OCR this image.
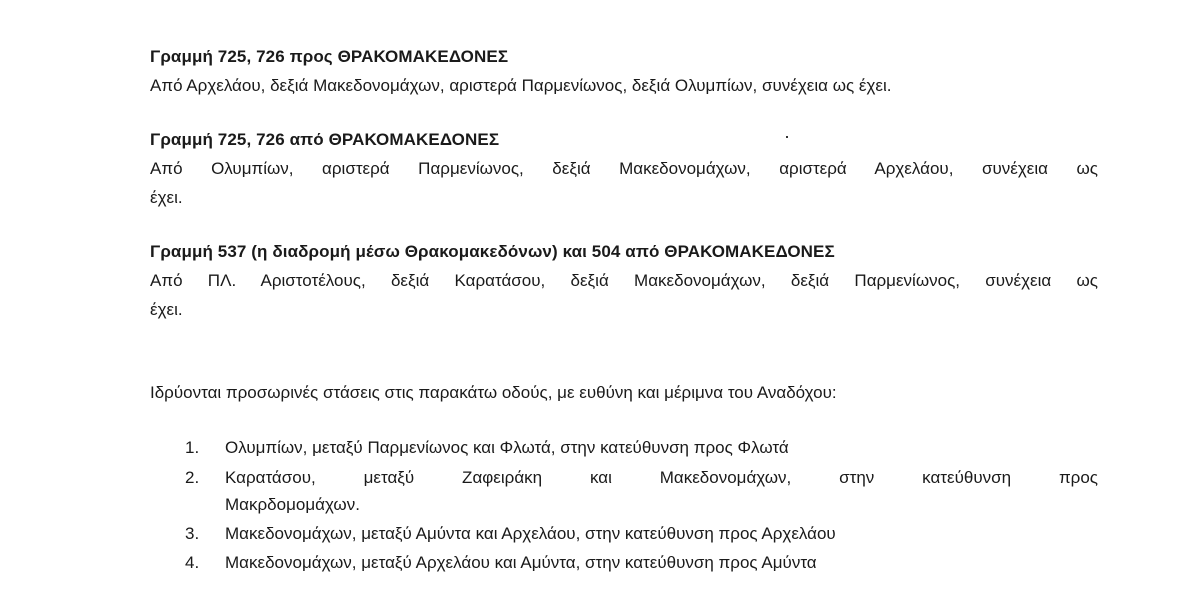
Γραμμή 725, 726 προς ΘΡΑΚΟΜΑΚΕΔΟΝΕΣ
Από Αρχελάου, δεξιά Μακεδονομάχων, αριστερά Παρμενίωνος, δεξιά Ολυμπίων, συνέχεια ως έχει.
Γραμμή 725, 726 από ΘΡΑΚΟΜΑΚΕΔΟΝΕΣ
Από Ολυμπίων, αριστερά Παρμενίωνος, δεξιά Μακεδονομάχων, αριστερά Αρχελάου, συνέχεια ως
έχει.
Γραμμή 537 (η διαδρομή μέσω Θρακομακεδόνων) και 504 από ΘΡΑΚΟΜΑΚΕΔΟΝΕΣ
Από ΠΛ. Αριστοτέλους, δεξιά Καρατάσου, δεξιά Μακεδονομάχων, δεξιά Παρμενίωνος, συνέχεια ως
έχει.
Ιδρύονται προσωρινές στάσεις στις παρακάτω οδούς, με ευθύνη και μέριμνα του Αναδόχου:
1. Ολυμπίων, μεταξύ Παρμενίωνος και Φλωτά, στην κατεύθυνση προς Φλωτά
2. Καρατάσου, μεταξύ Ζαφειράκη και Μακεδονομάχων, στην κατεύθυνση προς
Μακρδομομάχων.
3. Μακεδονομάχων, μεταξύ Αμύντα και Αρχελάου, στην κατεύθυνση προς Αρχελάου
4. Μακεδονομάχων, μεταξύ Αρχελάου και Αμύντα, στην κατεύθυνση προς Αμύντα
